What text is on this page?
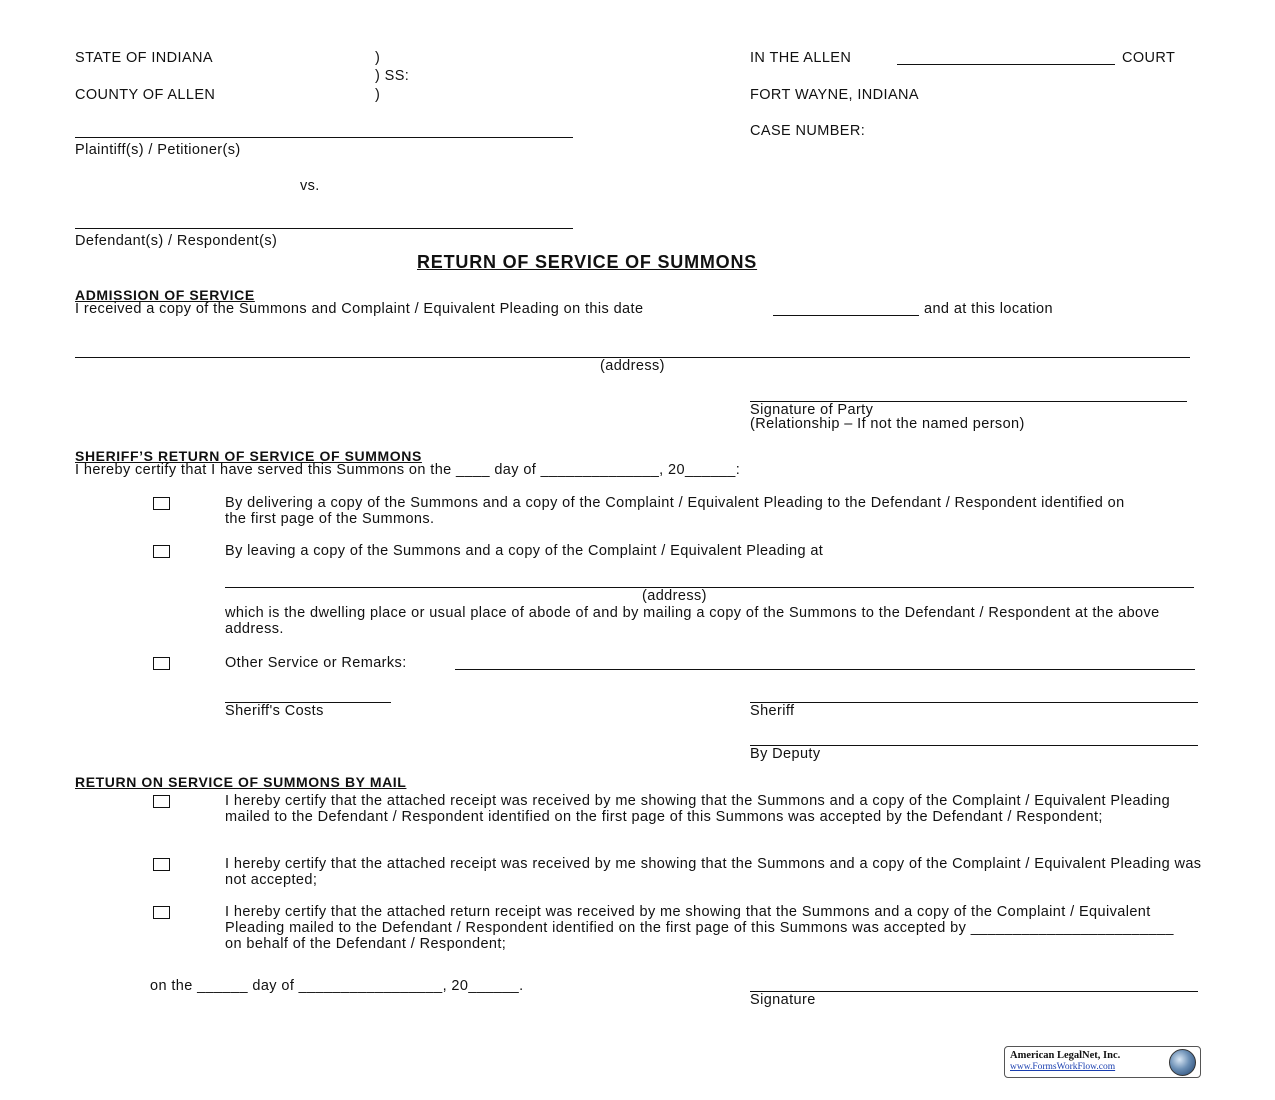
STATE OF INDIANA	)
) SS:
COUNTY OF ALLEN	)
IN THE ALLEN	COURT
FORT WAYNE, INDIANA
CASE NUMBER:
Plaintiff(s) / Petitioner(s)
vs.
Defendant(s) / Respondent(s)
RETURN OF SERVICE OF SUMMONS
ADMISSION OF SERVICE
I received a copy of the Summons and Complaint / Equivalent Pleading on this date	and at this location
(address)
Signature of Party
(Relationship – If not the named person)
SHERIFF’S RETURN OF SERVICE OF SUMMONS
I hereby certify that I have served this Summons on the ____ day of ______________, 20______:
By delivering a copy of the Summons and a copy of the Complaint / Equivalent Pleading to the Defendant / Respondent identified on the first page of the Summons.
By leaving a copy of the Summons and a copy of the Complaint / Equivalent Pleading at
(address)
which is the dwelling place or usual place of abode of and by mailing a copy of the Summons to the Defendant / Respondent at the above address.
Other Service or Remarks:
Sheriff's Costs	Sheriff
By Deputy
RETURN ON SERVICE OF SUMMONS BY MAIL
I hereby certify that the attached receipt was received by me showing that the Summons and a copy of the Complaint / Equivalent Pleading mailed to the Defendant / Respondent identified on the first page of this Summons was accepted by the Defendant / Respondent;
I hereby certify that the attached receipt was received by me showing that the Summons and a copy of the Complaint / Equivalent Pleading was not accepted;
I hereby certify that the attached return receipt was received by me showing that the Summons and a copy of the Complaint / Equivalent Pleading mailed to the Defendant / Respondent identified on the first page of this Summons was accepted by ________________________ on behalf of the Defendant / Respondent;
on the ______ day of _________________, 20______.
Signature
American LegalNet, Inc.
www.FormsWorkFlow.com
